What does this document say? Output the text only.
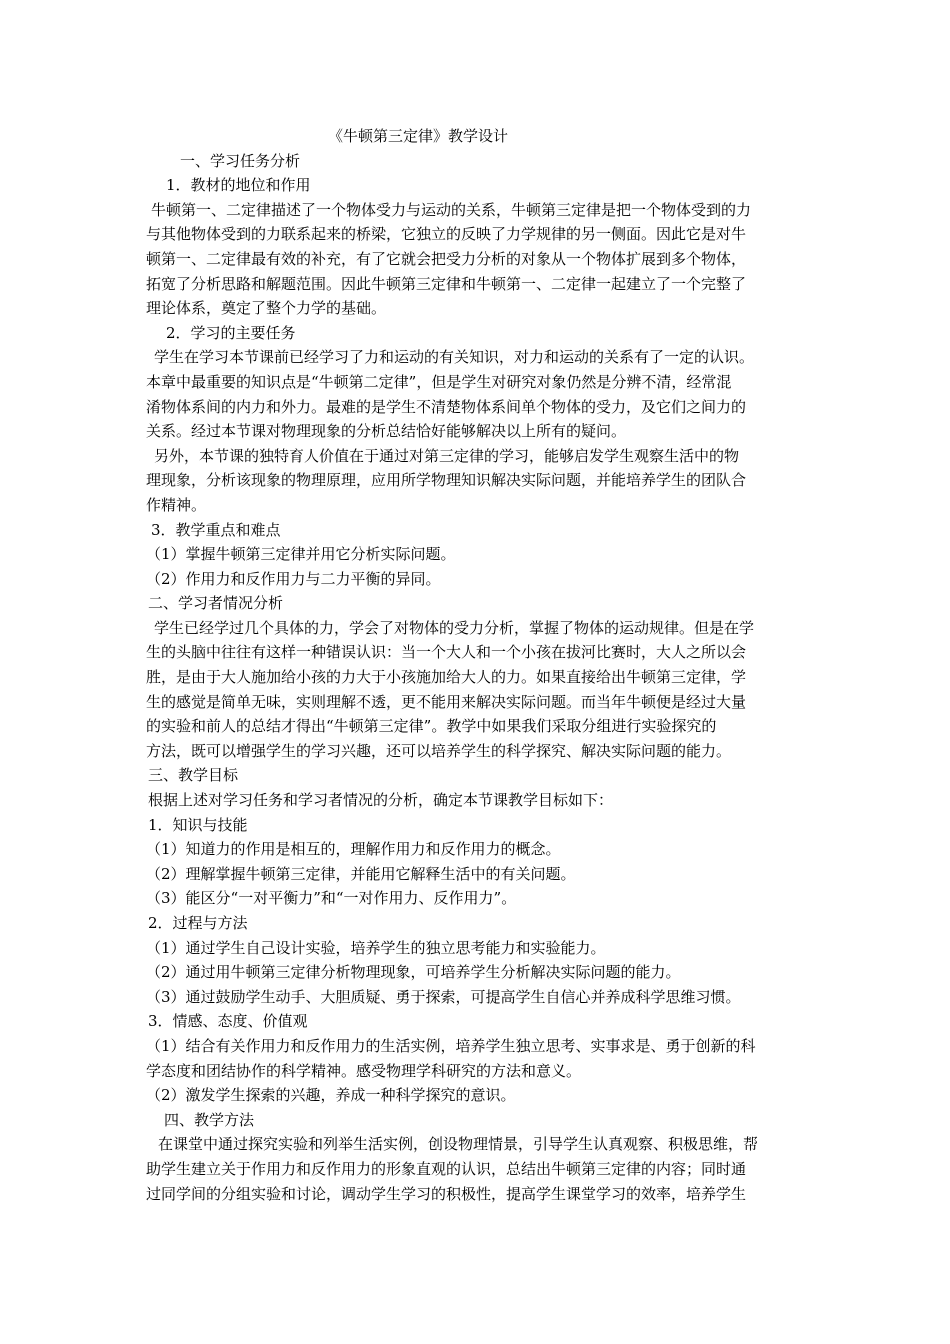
《牛顿第三定律》教学设计
一、学习任务分析
1．教材的地位和作用
牛顿第一、二定律描述了一个物体受力与运动的关系，牛顿第三定律是把一个物体受到的力
与其他物体受到的力联系起来的桥梁，它独立的反映了力学规律的另一侧面。因此它是对牛
顿第一、二定律最有效的补充，有了它就会把受力分析的对象从一个物体扩展到多个物体，
拓宽了分析思路和解题范围。因此牛顿第三定律和牛顿第一、二定律一起建立了一个完整了
理论体系，奠定了整个力学的基础。
2．学习的主要任务
学生在学习本节课前已经学习了力和运动的有关知识，对力和运动的关系有了一定的认识。
本章中最重要的知识点是“牛顿第二定律”，但是学生对研究对象仍然是分辨不清，经常混
淆物体系间的内力和外力。最难的是学生不清楚物体系间单个物体的受力，及它们之间力的
关系。经过本节课对物理现象的分析总结恰好能够解决以上所有的疑问。
另外，本节课的独特育人价值在于通过对第三定律的学习，能够启发学生观察生活中的物
理现象，分析该现象的物理原理，应用所学物理知识解决实际问题，并能培养学生的团队合
作精神。
3．教学重点和难点
（1）掌握牛顿第三定律并用它分析实际问题。
（2）作用力和反作用力与二力平衡的异同。
二、学习者情况分析
学生已经学过几个具体的力，学会了对物体的受力分析，掌握了物体的运动规律。但是在学
生的头脑中往往有这样一种错误认识：当一个大人和一个小孩在拔河比赛时，大人之所以会
胜，是由于大人施加给小孩的力大于小孩施加给大人的力。如果直接给出牛顿第三定律，学
生的感觉是简单无味，实则理解不透，更不能用来解决实际问题。而当年牛顿便是经过大量
的实验和前人的总结才得出“牛顿第三定律”。教学中如果我们采取分组进行实验探究的
方法，既可以增强学生的学习兴趣，还可以培养学生的科学探究、解决实际问题的能力。
三、教学目标
根据上述对学习任务和学习者情况的分析，确定本节课教学目标如下：
1．知识与技能
（1）知道力的作用是相互的，理解作用力和反作用力的概念。
（2）理解掌握牛顿第三定律，并能用它解释生活中的有关问题。
（3）能区分“一对平衡力”和“一对作用力、反作用力”。
2．过程与方法
（1）通过学生自己设计实验，培养学生的独立思考能力和实验能力。
（2）通过用牛顿第三定律分析物理现象，可培养学生分析解决实际问题的能力。
（3）通过鼓励学生动手、大胆质疑、勇于探索，可提高学生自信心并养成科学思维习惯。
3．情感、态度、价值观
（1）结合有关作用力和反作用力的生活实例，培养学生独立思考、实事求是、勇于创新的科
学态度和团结协作的科学精神。感受物理学科研究的方法和意义。
（2）激发学生探索的兴趣，养成一种科学探究的意识。
四、教学方法
在课堂中通过探究实验和列举生活实例，创设物理情景，引导学生认真观察、积极思维，帮
助学生建立关于作用力和反作用力的形象直观的认识，总结出牛顿第三定律的内容；同时通
过同学间的分组实验和讨论，调动学生学习的积极性，提高学生课堂学习的效率，培养学生
